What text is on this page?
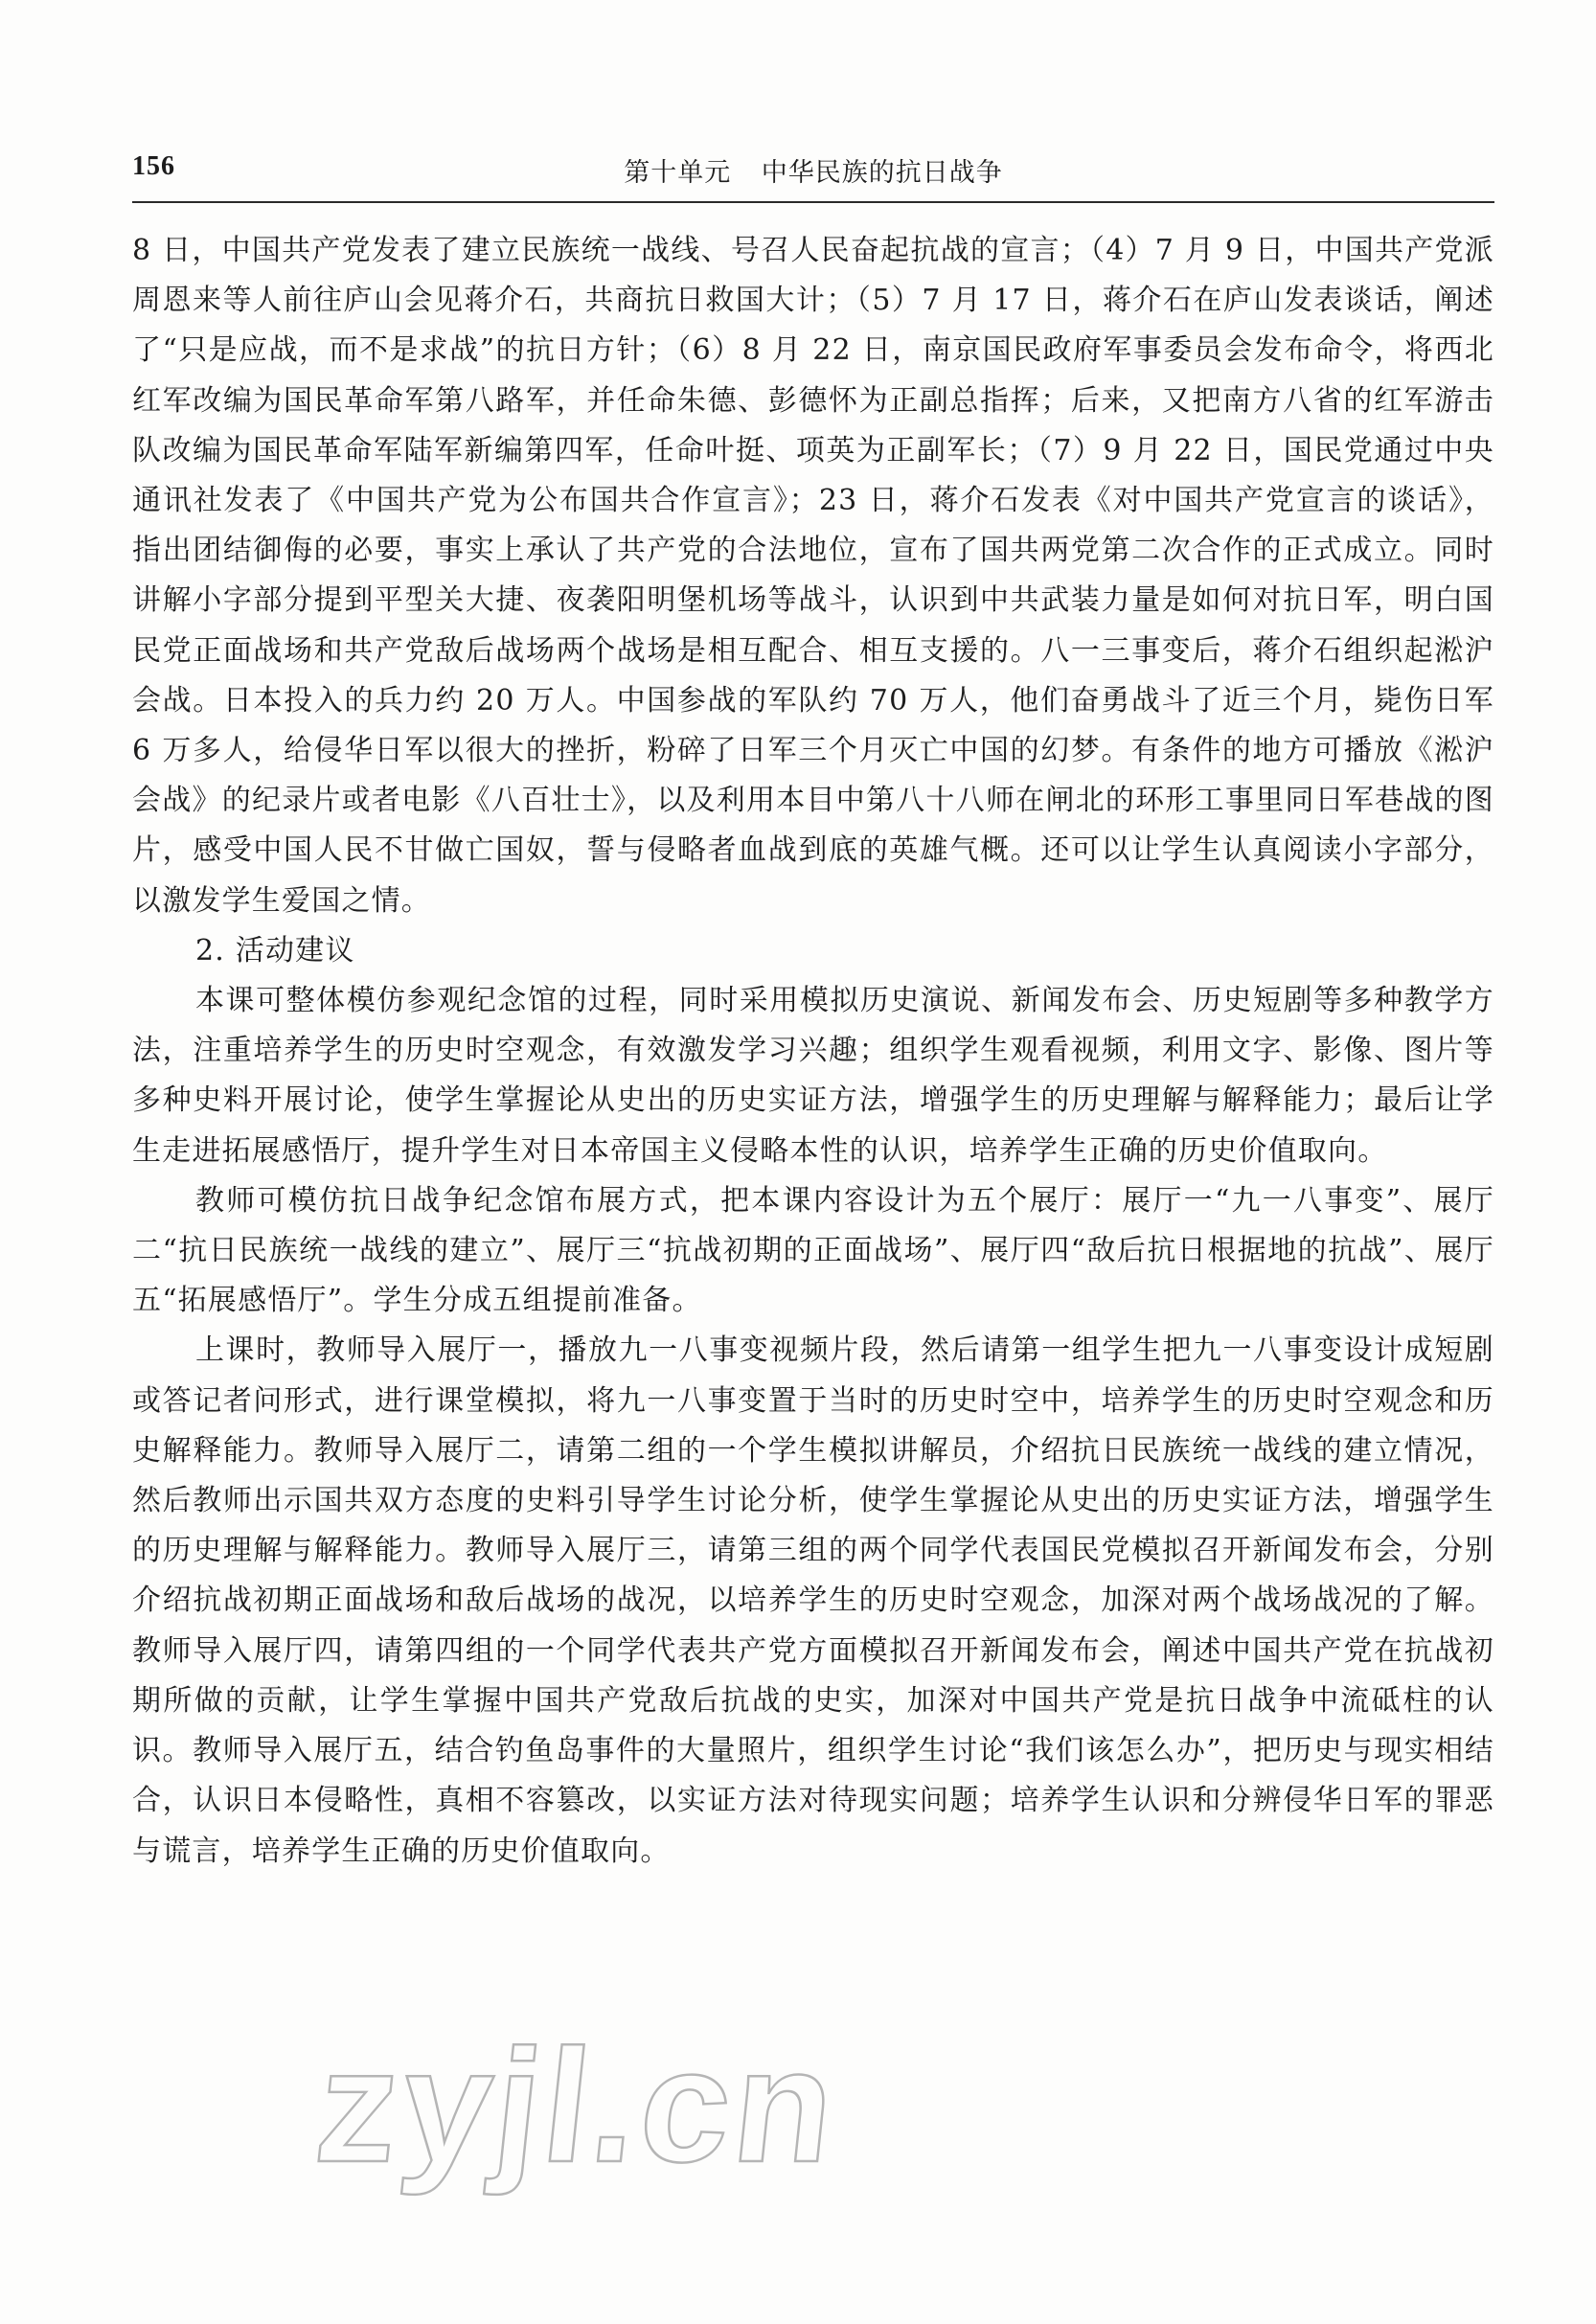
156	第十单元 中华民族的抗日战争

8 日，中国共产党发表了建立民族统一战线、号召人民奋起抗战的宣言；（4）7 月 9 日，中国共产党派周恩来等人前往庐山会见蒋介石，共商抗日救国大计；（5）7 月 17 日，蒋介石在庐山发表谈话，阐述了“只是应战，而不是求战”的抗日方针；（6）8 月 22 日，南京国民政府军事委员会发布命令，将西北红军改编为国民革命军第八路军，并任命朱德、彭德怀为正副总指挥；后来，又把南方八省的红军游击队改编为国民革命军陆军新编第四军，任命叶挺、项英为正副军长；（7）9 月 22 日，国民党通过中央通讯社发表了《中国共产党为公布国共合作宣言》；23 日，蒋介石发表《对中国共产党宣言的谈话》，指出团结御侮的必要，事实上承认了共产党的合法地位，宣布了国共两党第二次合作的正式成立。同时讲解小字部分提到平型关大捷、夜袭阳明堡机场等战斗，认识到中共武装力量是如何对抗日军，明白国民党正面战场和共产党敌后战场两个战场是相互配合、相互支援的。八一三事变后，蒋介石组织起淞沪会战。日本投入的兵力约 20 万人。中国参战的军队约 70 万人，他们奋勇战斗了近三个月，毙伤日军 6 万多人，给侵华日军以很大的挫折，粉碎了日军三个月灭亡中国的幻梦。有条件的地方可播放《淞沪会战》的纪录片或者电影《八百壮士》，以及利用本目中第八十八师在闸北的环形工事里同日军巷战的图片，感受中国人民不甘做亡国奴，誓与侵略者血战到底的英雄气概。还可以让学生认真阅读小字部分，以激发学生爱国之情。

2. 活动建议

本课可整体模仿参观纪念馆的过程，同时采用模拟历史演说、新闻发布会、历史短剧等多种教学方法，注重培养学生的历史时空观念，有效激发学习兴趣；组织学生观看视频，利用文字、影像、图片等多种史料开展讨论，使学生掌握论从史出的历史实证方法，增强学生的历史理解与解释能力；最后让学生走进拓展感悟厅，提升学生对日本帝国主义侵略本性的认识，培养学生正确的历史价值取向。

教师可模仿抗日战争纪念馆布展方式，把本课内容设计为五个展厅：展厅一“九一八事变”、展厅二“抗日民族统一战线的建立”、展厅三“抗战初期的正面战场”、展厅四“敌后抗日根据地的抗战”、展厅五“拓展感悟厅”。学生分成五组提前准备。

上课时，教师导入展厅一，播放九一八事变视频片段，然后请第一组学生把九一八事变设计成短剧或答记者问形式，进行课堂模拟，将九一八事变置于当时的历史时空中，培养学生的历史时空观念和历史解释能力。教师导入展厅二，请第二组的一个学生模拟讲解员，介绍抗日民族统一战线的建立情况，然后教师出示国共双方态度的史料引导学生讨论分析，使学生掌握论从史出的历史实证方法，增强学生的历史理解与解释能力。教师导入展厅三，请第三组的两个同学代表国民党模拟召开新闻发布会，分别介绍抗战初期正面战场和敌后战场的战况，以培养学生的历史时空观念，加深对两个战场战况的了解。教师导入展厅四，请第四组的一个同学代表共产党方面模拟召开新闻发布会，阐述中国共产党在抗战初期所做的贡献，让学生掌握中国共产党敌后抗战的史实，加深对中国共产党是抗日战争中流砥柱的认识。教师导入展厅五，结合钓鱼岛事件的大量照片，组织学生讨论“我们该怎么办”，把历史与现实相结合，认识日本侵略性，真相不容篡改，以实证方法对待现实问题；培养学生认识和分辨侵华日军的罪恶与谎言，培养学生正确的历史价值取向。

zyjl.cn
